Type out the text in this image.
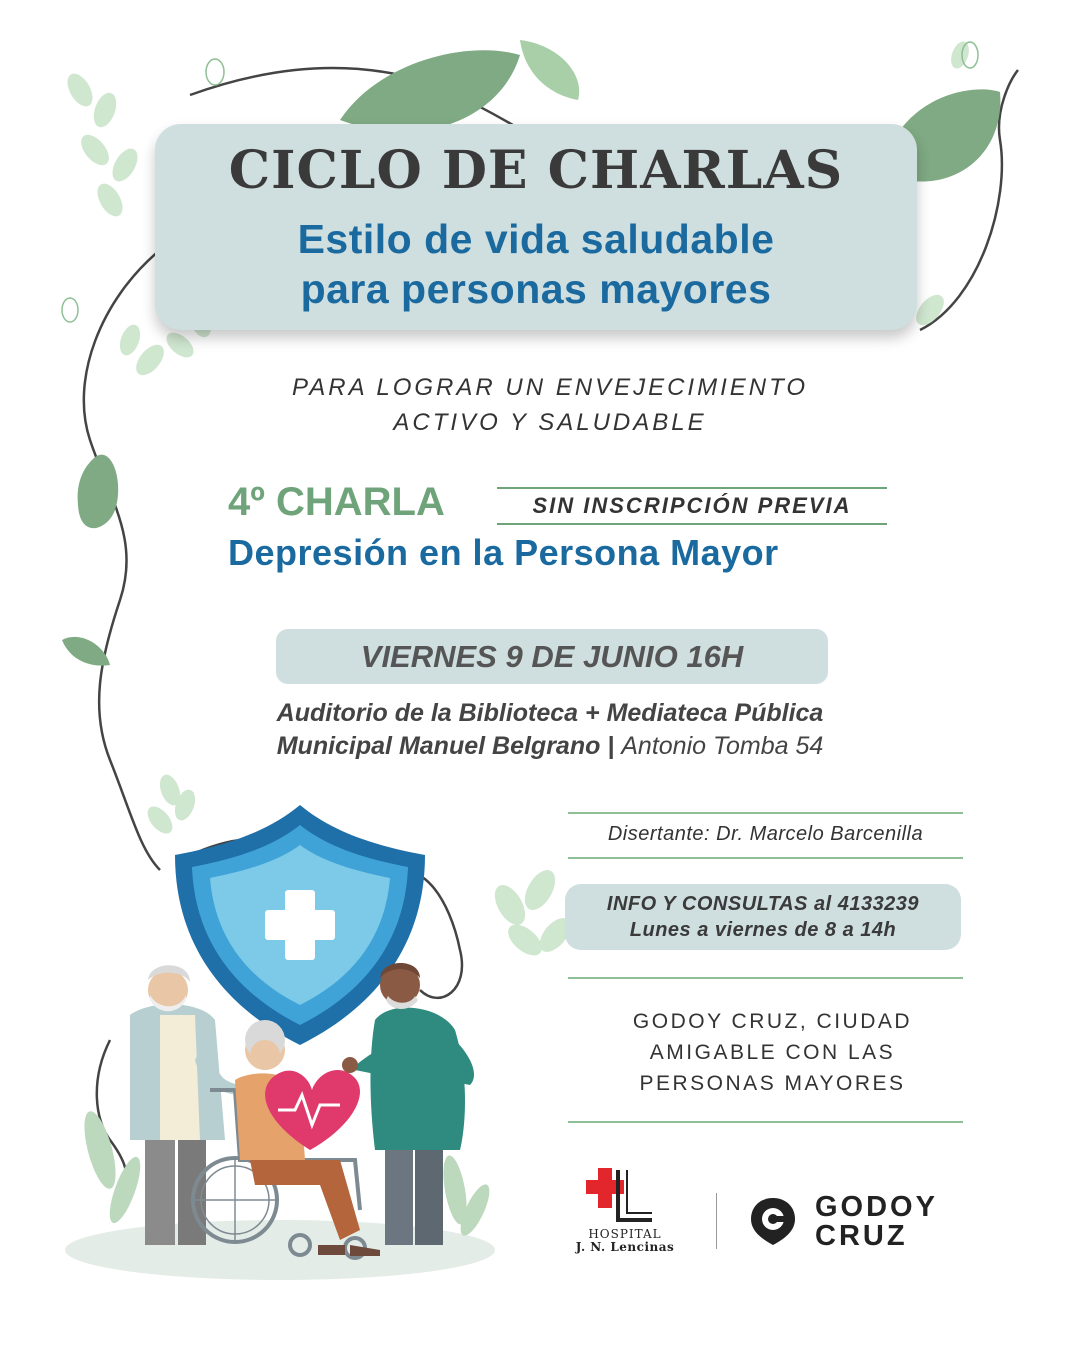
CICLO DE CHARLAS
Estilo de vida saludable
para personas mayores
PARA LOGRAR UN ENVEJECIMIENTO
ACTIVO Y SALUDABLE
4º CHARLA	SIN INSCRIPCIÓN PREVIA
Depresión en la Persona Mayor
VIERNES 9 DE JUNIO 16H
Auditorio de la Biblioteca + Mediateca Pública
Municipal Manuel Belgrano | Antonio Tomba 54
Disertante: Dr. Marcelo Barcenilla
INFO Y CONSULTAS al 4133239
Lunes a viernes de 8 a 14h
GODOY CRUZ, CIUDAD
AMIGABLE CON LAS
PERSONAS MAYORES
HOSPITAL
J. N. Lencinas
GODOY
CRUZ
